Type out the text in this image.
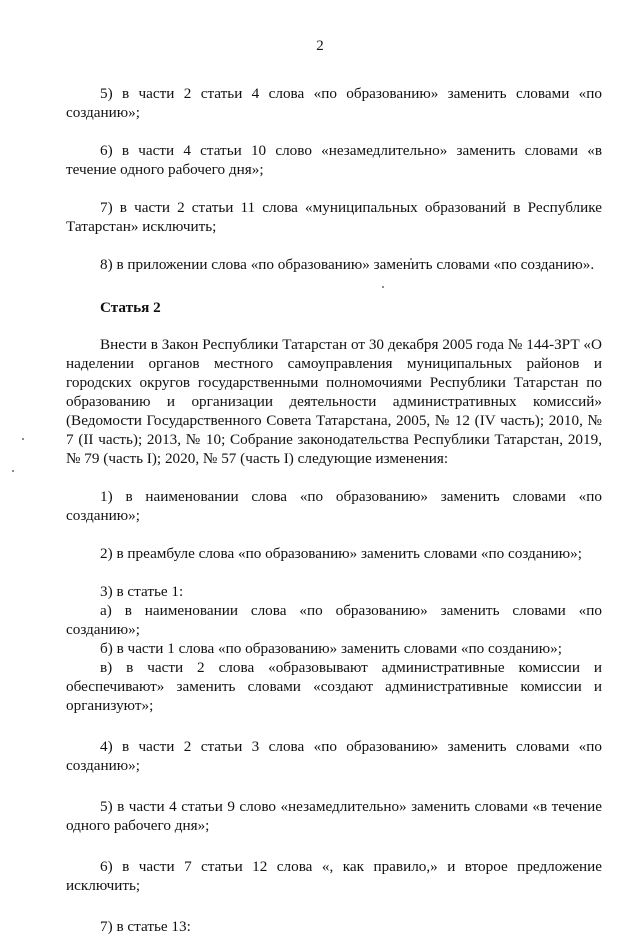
2

5) в части 2 статьи 4 слова «по образованию» заменить словами «по созданию»;

6) в части 4 статьи 10 слово «незамедлительно» заменить словами «в течение одного рабочего дня»;

7) в части 2 статьи 11 слова «муниципальных образований в Республике Татарстан» исключить;

8) в приложении слова «по образованию» заменить словами «по созданию».

Статья 2

Внести в Закон Республики Татарстан от 30 декабря 2005 года № 144-ЗРТ «О наделении органов местного самоуправления муниципальных районов и городских округов государственными полномочиями Республики Татарстан по образованию и организации деятельности административных комиссий» (Ведомости Государственного Совета Татарстана, 2005, № 12 (IV часть); 2010, № 7 (II часть); 2013, № 10; Собрание законодательства Республики Татарстан, 2019, № 79 (часть I); 2020, № 57 (часть I) следующие изменения:

1) в наименовании слова «по образованию» заменить словами «по созданию»;

2) в преамбуле слова «по образованию» заменить словами «по созданию»;

3) в статье 1:

а) в наименовании слова «по образованию» заменить словами «по созданию»;

б) в части 1 слова «по образованию» заменить словами «по созданию»;

в) в части 2 слова «образовывают административные комиссии и обеспечивают» заменить словами «создают административные комиссии и организуют»;

4) в части 2 статьи 3 слова «по образованию» заменить словами «по созданию»;

5) в части 4 статьи 9 слово «незамедлительно» заменить словами «в течение одного рабочего дня»;

6) в части 7 статьи 12 слова «, как правило,» и второе предложение исключить;

7) в статье 13:
